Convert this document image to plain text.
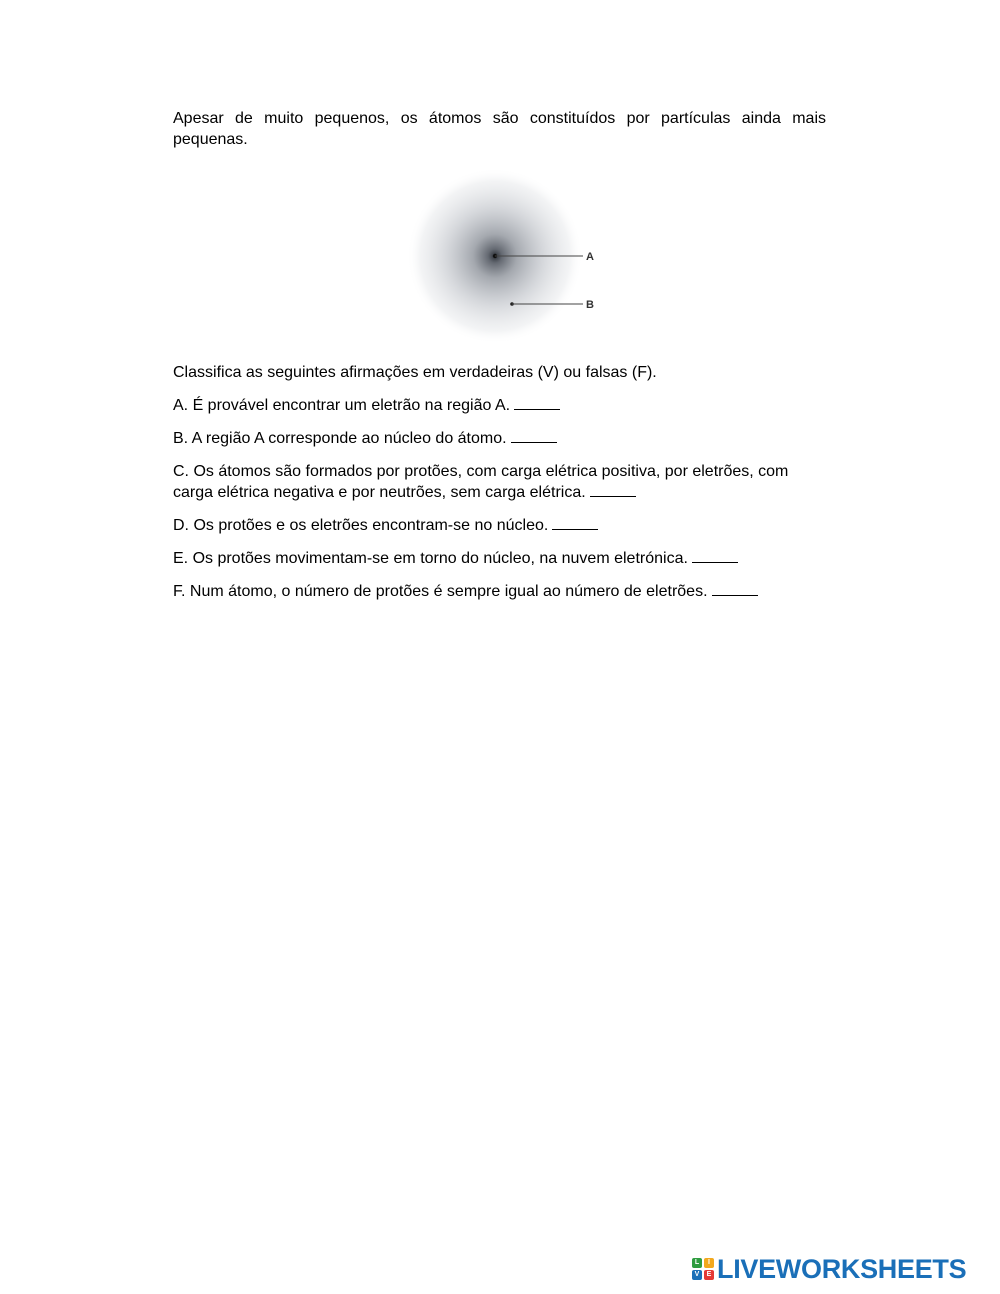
Apesar de muito pequenos, os átomos são constituídos por partículas ainda mais pequenas.

A
B

Classifica as seguintes afirmações em verdadeiras (V) ou falsas (F).

A. É provável encontrar um eletrão na região A.

B. A região A corresponde ao núcleo do átomo.

C. Os átomos são formados por protões, com carga elétrica positiva, por eletrões, com carga elétrica negativa e por neutrões, sem carga elétrica.

D. Os protões e os eletrões encontram-se no núcleo.

E. Os protões movimentam-se em torno do núcleo, na nuvem eletrónica.

F. Num átomo, o número de protões é sempre igual ao número de eletrões.

L	I
V	E LIVEWORKSHEETS
